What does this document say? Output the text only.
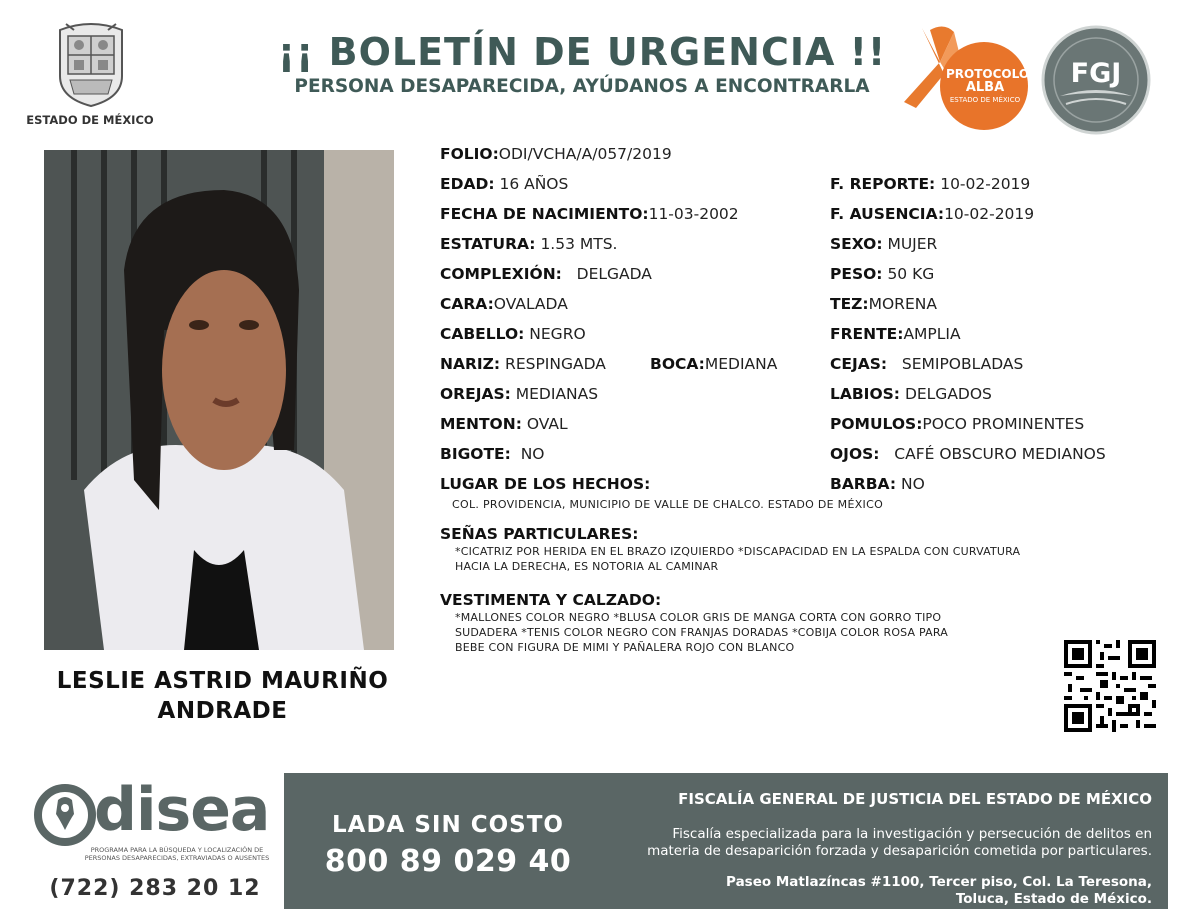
ESTADO DE MÉXICO
¡¡ BOLETÍN DE URGENCIA !!
PERSONA DESAPARECIDA, AYÚDANOS A ENCONTRARLA
PROTOCOLO
ALBA
ESTADO DE MÉXICO
FGJ
LESLIE ASTRID MAURIÑO
ANDRADE
FOLIO:ODI/VCHA/A/057/2019
EDAD: 16 AÑOS
FECHA DE NACIMIENTO:11-03-2002
ESTATURA: 1.53 MTS.
COMPLEXIÓN: DELGADA
CARA:OVALADA
CABELLO: NEGRO
NARIZ: RESPINGADA	BOCA:MEDIANA
OREJAS: MEDIANAS
MENTON: OVAL
BIGOTE: NO
LUGAR DE LOS HECHOS:
COL. PROVIDENCIA, MUNICIPIO DE VALLE DE CHALCO. ESTADO DE MÉXICO
F. REPORTE: 10-02-2019
F. AUSENCIA:10-02-2019
SEXO: MUJER
PESO: 50 KG
TEZ:MORENA
FRENTE:AMPLIA
CEJAS: SEMIPOBLADAS
LABIOS: DELGADOS
POMULOS:POCO PROMINENTES
OJOS: CAFÉ OBSCURO MEDIANOS
BARBA: NO
SEÑAS PARTICULARES:
*CICATRIZ POR HERIDA EN EL BRAZO IZQUIERDO *DISCAPACIDAD EN LA ESPALDA CON CURVATURA
HACIA LA DERECHA, ES NOTORIA AL CAMINAR
VESTIMENTA Y CALZADO:
*MALLONES COLOR NEGRO *BLUSA COLOR GRIS DE MANGA CORTA CON GORRO TIPO
SUDADERA *TENIS COLOR NEGRO CON FRANJAS DORADAS *COBIJA COLOR ROSA PARA
BEBE CON FIGURA DE MIMI Y PAÑALERA ROJO CON BLANCO
disea
PROGRAMA PARA LA BÚSQUEDA Y LOCALIZACIÓN DE PERSONAS DESAPARECIDAS, EXTRAVIADAS O AUSENTES
(722) 283 20 12
LADA SIN COSTO
800 89 029 40
FISCALÍA GENERAL DE JUSTICIA DEL ESTADO DE MÉXICO
Fiscalía especializada para la investigación y persecución de delitos en
materia de desaparición forzada y desaparición cometida por particulares.
Paseo Matlazíncas #1100, Tercer piso, Col. La Teresona,
Toluca, Estado de México.
